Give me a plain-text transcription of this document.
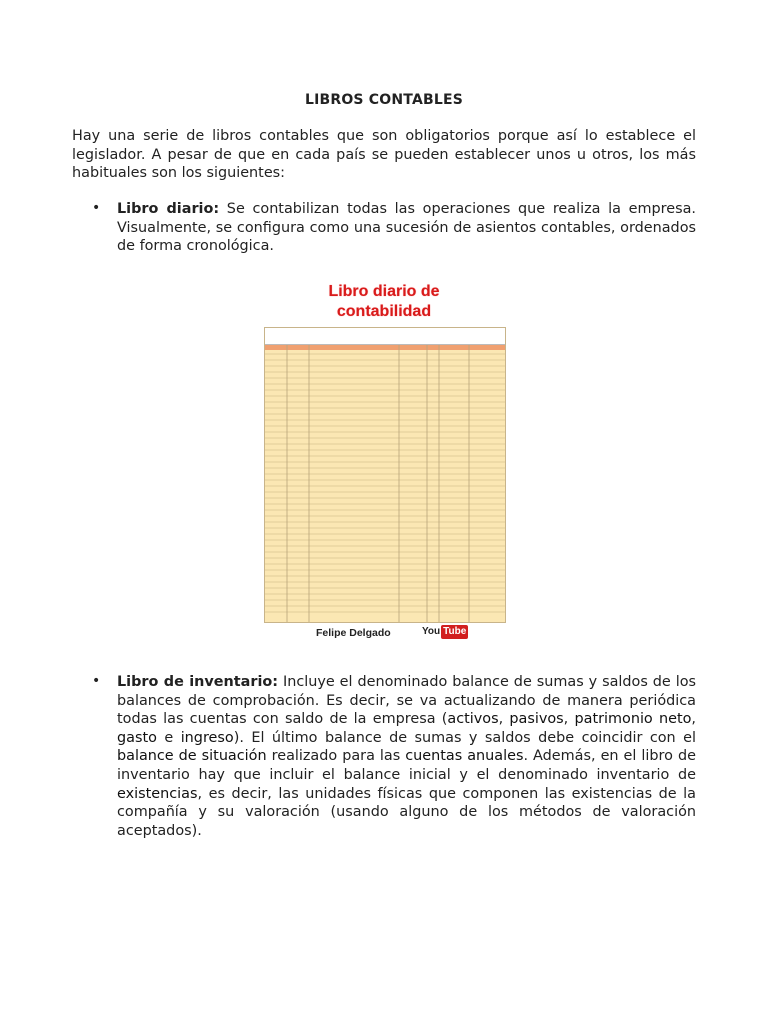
LIBROS CONTABLES
Hay una serie de libros contables que son obligatorios porque así lo establece el legislador. A pesar de que en cada país se pueden establecer unos u otros, los más habituales son los siguientes:
• Libro diario: Se contabilizan todas las operaciones que realiza la empresa. Visualmente, se configura como una sucesión de asientos contables, ordenados de forma cronológica.
Libro diario de
contabilidad
Felipe Delgado	You Tube
• Libro de inventario: Incluye el denominado balance de sumas y saldos de los balances de comprobación. Es decir, se va actualizando de manera periódica todas las cuentas con saldo de la empresa (activos, pasivos, patrimonio neto, gasto e ingreso). El último balance de sumas y saldos debe coincidir con el balance de situación realizado para las cuentas anuales. Además, en el libro de inventario hay que incluir el balance inicial y el denominado inventario de existencias, es decir, las unidades físicas que componen las existencias de la compañía y su valoración (usando alguno de los métodos de valoración aceptados).
